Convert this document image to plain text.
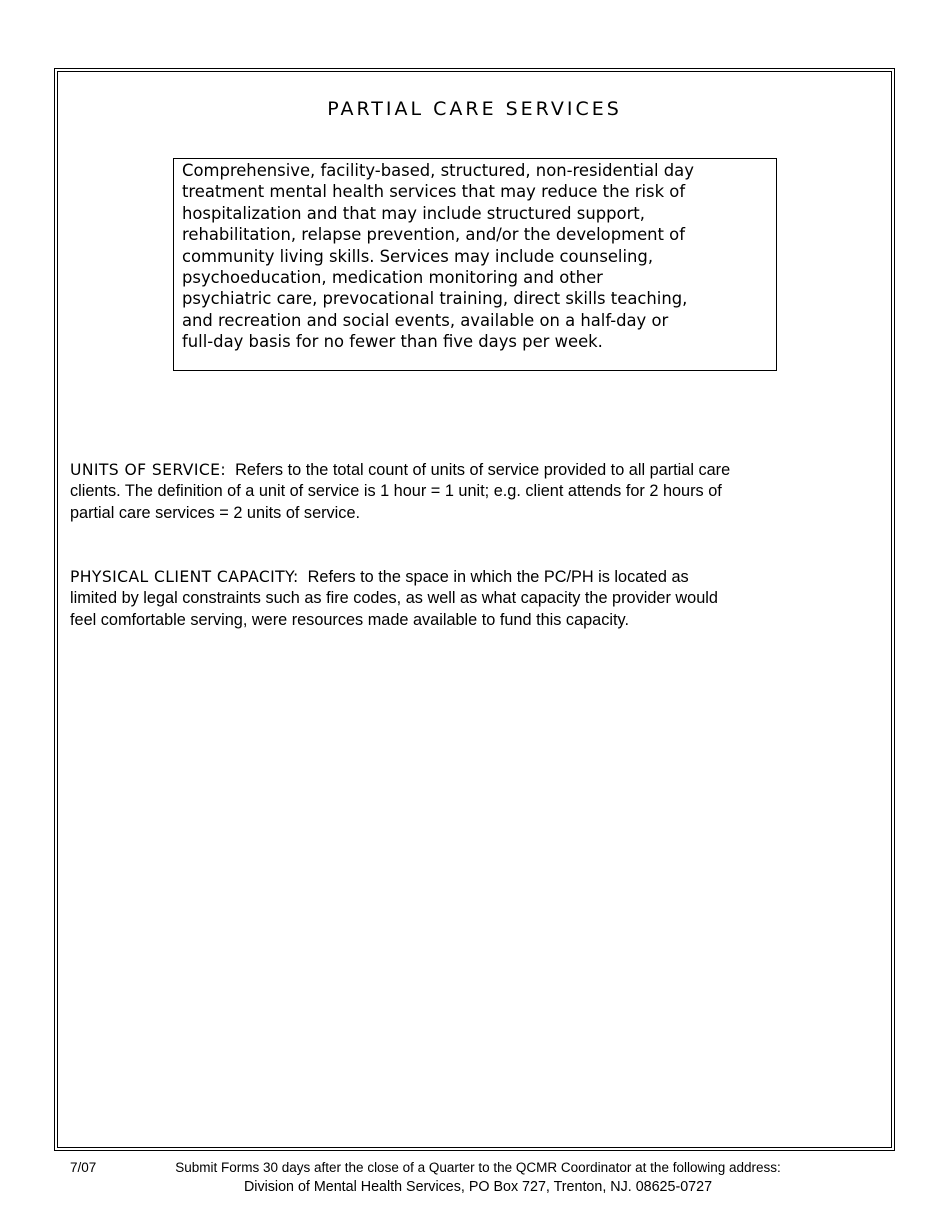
PARTIAL CARE SERVICES

Comprehensive, facility-based, structured, non-residential day
treatment mental health services that may reduce the risk of
hospitalization and that may include structured support,
rehabilitation, relapse prevention, and/or the development of
community living skills. Services may include counseling,
psychoeducation, medication monitoring and other
psychiatric care, prevocational training, direct skills teaching,
and recreation and social events, available on a half-day or
full-day basis for no fewer than five days per week.

UNITS OF SERVICE:  Refers to the total count of units of service provided to all partial care
clients. The definition of a unit of service is 1 hour = 1 unit; e.g. client attends for 2 hours of
partial care services = 2 units of service.
PHYSICAL CLIENT CAPACITY:  Refers to the space in which the PC/PH is located as
limited by legal constraints such as fire codes, as well as what capacity the provider would
feel comfortable serving, were resources made available to fund this capacity.
7/07	Submit Forms 30 days after the close of a Quarter to the QCMR Coordinator at the following address:
Division of Mental Health Services, PO Box 727, Trenton, NJ. 08625-0727
